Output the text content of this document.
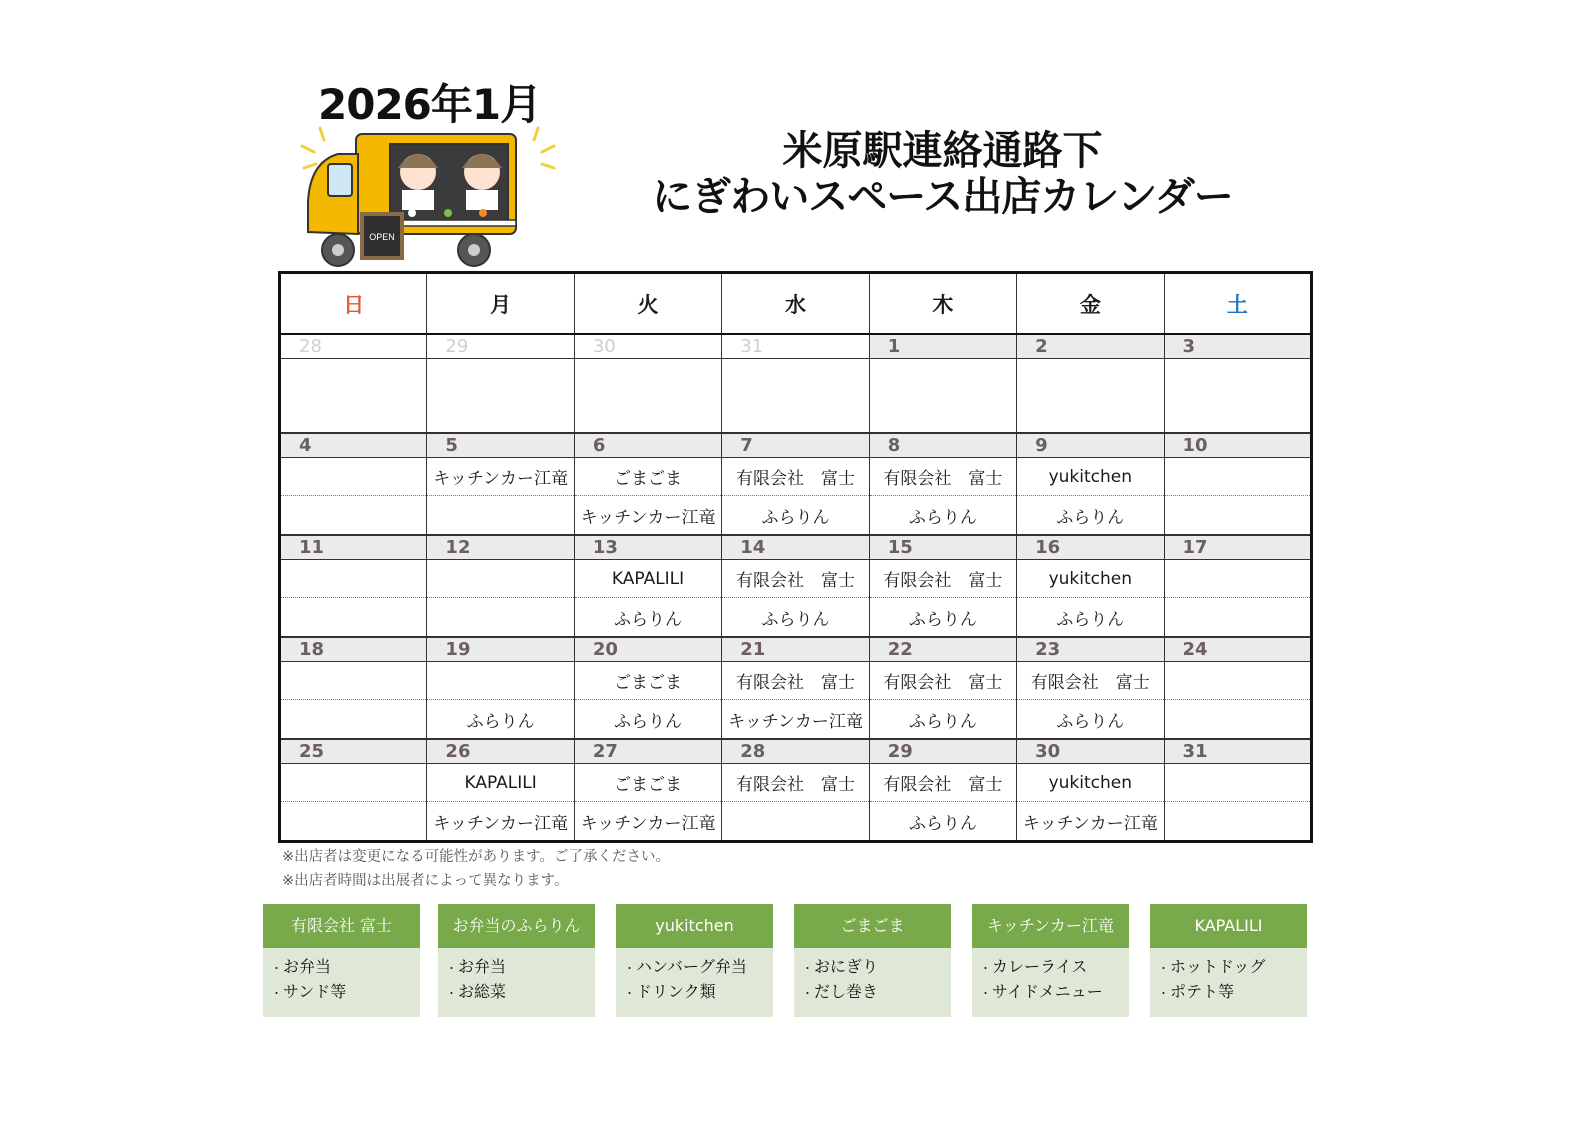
2026年1月
OPEN
米原駅連絡通路下
にぎわいスペース出店カレンダー
日	月	火	水	木	金	土
28	29	30	31	1	2	3

4	5	6	7	8	9	10
	キッチンカー江竜	ごまごま	有限会社　富士	有限会社　富士	yukitchen	
		キッチンカー江竜	ふらりん	ふらりん	ふらりん	
11	12	13	14	15	16	17
		KAPALILI	有限会社　富士	有限会社　富士	yukitchen	
		ふらりん	ふらりん	ふらりん	ふらりん	
18	19	20	21	22	23	24
		ごまごま	有限会社　富士	有限会社　富士	有限会社　富士	
	ふらりん	ふらりん	キッチンカー江竜	ふらりん	ふらりん	
25	26	27	28	29	30	31
	KAPALILI	ごまごま	有限会社　富士	有限会社　富士	yukitchen	
	キッチンカー江竜	キッチンカー江竜		ふらりん	キッチンカー江竜	
※出店者は変更になる可能性があります。ご了承ください。
※出店者時間は出展者によって異なります。
有限会社 富士
・ お弁当
・ サンド等
お弁当のふらりん
・ お弁当
・ お総菜
yukitchen
・ ハンバーグ弁当
・ ドリンク類
ごまごま
・ おにぎり
・ だし巻き
キッチンカー江竜
・ カレーライス
・ サイドメニュー
KAPALILI
・ ホットドッグ
・ ポテト等
